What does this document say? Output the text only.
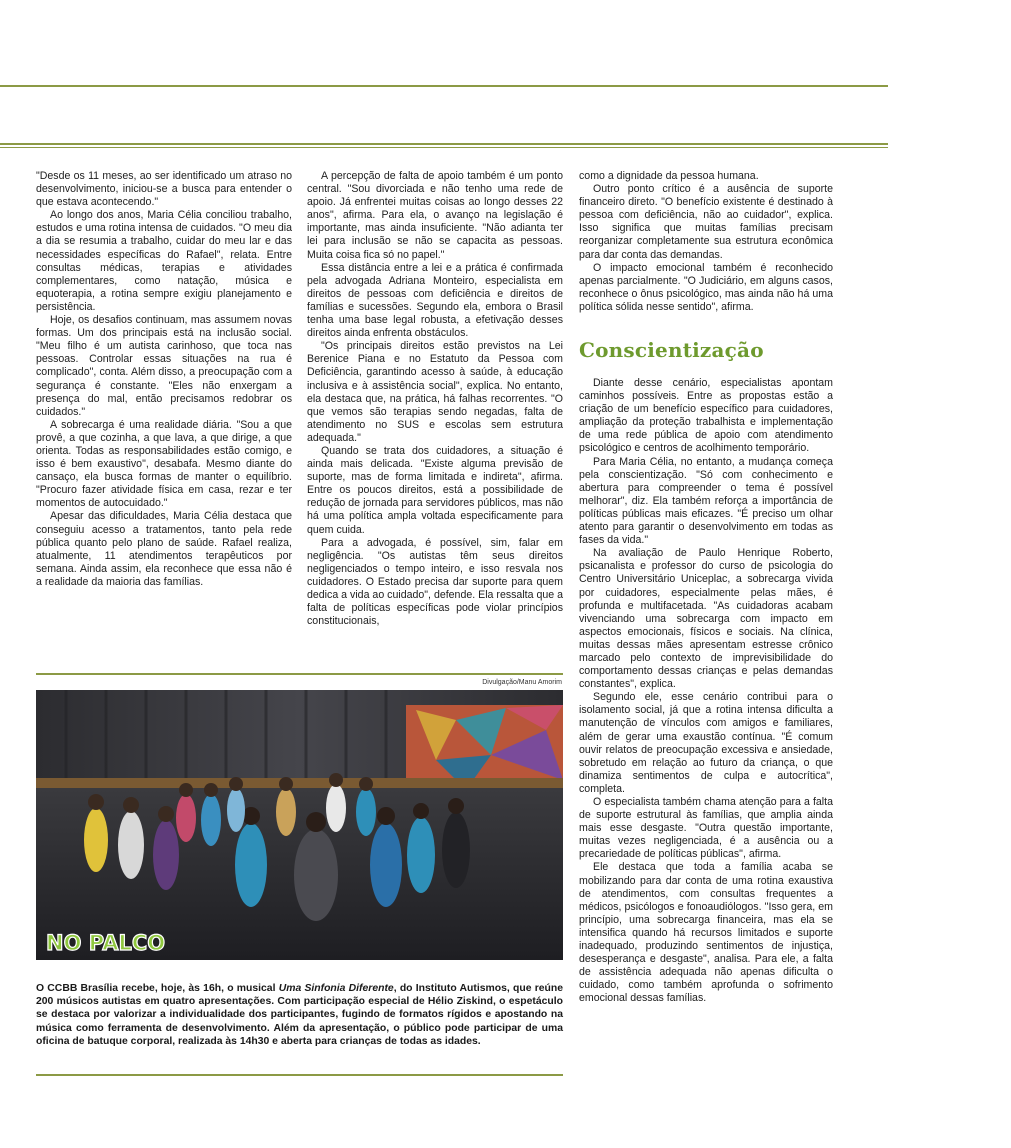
"Desde os 11 meses, ao ser identificado um atraso no desenvolvimento, iniciou-se a busca para entender o que estava acontecendo."

Ao longo dos anos, Maria Célia conciliou trabalho, estudos e uma rotina intensa de cuidados. "O meu dia a dia se resumia a trabalho, cuidar do meu lar e das necessidades específicas do Rafael", relata. Entre consultas médicas, terapias e atividades complementares, como natação, música e equoterapia, a rotina sempre exigiu planejamento e persistência.

Hoje, os desafios continuam, mas assumem novas formas. Um dos principais está na inclusão social. "Meu filho é um autista carinhoso, que toca nas pessoas. Controlar essas situações na rua é complicado", conta. Além disso, a preocupação com a segurança é constante. "Eles não enxergam a presença do mal, então precisamos redobrar os cuidados."

A sobrecarga é uma realidade diária. "Sou a que provê, a que cozinha, a que lava, a que dirige, a que orienta. Todas as responsabilidades estão comigo, e isso é bem exaustivo", desabafa. Mesmo diante do cansaço, ela busca formas de manter o equilíbrio. "Procuro fazer atividade física em casa, rezar e ter momentos de autocuidado."

Apesar das dificuldades, Maria Célia destaca que conseguiu acesso a tratamentos, tanto pela rede pública quanto pelo plano de saúde. Rafael realiza, atualmente, 11 atendimentos terapêuticos por semana. Ainda assim, ela reconhece que essa não é a realidade da maioria das famílias.

A percepção de falta de apoio também é um ponto central. "Sou divorciada e não tenho uma rede de apoio. Já enfrentei muitas coisas ao longo desses 22 anos", afirma. Para ela, o avanço na legislação é importante, mas ainda insuficiente. "Não adianta ter lei para inclusão se não se capacita as pessoas. Muita coisa fica só no papel."

Essa distância entre a lei e a prática é confirmada pela advogada Adriana Monteiro, especialista em direitos de pessoas com deficiência e direitos de famílias e sucessões. Segundo ela, embora o Brasil tenha uma base legal robusta, a efetivação desses direitos ainda enfrenta obstáculos.

"Os principais direitos estão previstos na Lei Berenice Piana e no Estatuto da Pessoa com Deficiência, garantindo acesso à saúde, à educação inclusiva e à assistência social", explica. No entanto, ela destaca que, na prática, há falhas recorrentes. "O que vemos são terapias sendo negadas, falta de atendimento no SUS e escolas sem estrutura adequada."

Quando se trata dos cuidadores, a situação é ainda mais delicada. "Existe alguma previsão de suporte, mas de forma limitada e indireta", afirma. Entre os poucos direitos, está a possibilidade de redução de jornada para servidores públicos, mas não há uma política ampla voltada especificamente para quem cuida.

Para a advogada, é possível, sim, falar em negligência. "Os autistas têm seus direitos negligenciados o tempo inteiro, e isso resvala nos cuidadores. O Estado precisa dar suporte para quem dedica a vida ao cuidado", defende. Ela ressalta que a falta de políticas específicas pode violar princípios constitucionais,

como a dignidade da pessoa humana.

Outro ponto crítico é a ausência de suporte financeiro direto. "O benefício existente é destinado à pessoa com deficiência, não ao cuidador", explica. Isso significa que muitas famílias precisam reorganizar completamente sua estrutura econômica para dar conta das demandas.

O impacto emocional também é reconhecido apenas parcialmente. "O Judiciário, em alguns casos, reconhece o ônus psicológico, mas ainda não há uma política sólida nesse sentido", afirma.

Conscientização

Diante desse cenário, especialistas apontam caminhos possíveis. Entre as propostas estão a criação de um benefício específico para cuidadores, ampliação da proteção trabalhista e implementação de uma rede pública de apoio com atendimento psicológico e centros de acolhimento temporário.

Para Maria Célia, no entanto, a mudança começa pela conscientização. "Só com conhecimento e abertura para compreender o tema é possível melhorar", diz. Ela também reforça a importância de políticas públicas mais eficazes. "É preciso um olhar atento para garantir o desenvolvimento em todas as fases da vida."

Na avaliação de Paulo Henrique Roberto, psicanalista e professor do curso de psicologia do Centro Universitário Uniceplac, a sobrecarga vivida por cuidadores, especialmente pelas mães, é profunda e multifacetada. "As cuidadoras acabam vivenciando uma sobrecarga com impacto em aspectos emocionais, físicos e sociais. Na clínica, muitas dessas mães apresentam estresse crônico marcado pelo contexto de imprevisibilidade do comportamento dessas crianças e pelas demandas constantes", explica.

Segundo ele, esse cenário contribui para o isolamento social, já que a rotina intensa dificulta a manutenção de vínculos com amigos e familiares, além de gerar uma exaustão contínua. "É comum ouvir relatos de preocupação excessiva e ansiedade, sobretudo em relação ao futuro da criança, o que dinamiza sentimentos de culpa e autocrítica", completa.

O especialista também chama atenção para a falta de suporte estrutural às famílias, que amplia ainda mais esse desgaste. "Outra questão importante, muitas vezes negligenciada, é a ausência ou a precariedade de políticas públicas", afirma.

Ele destaca que toda a família acaba se mobilizando para dar conta de uma rotina exaustiva de atendimentos, com consultas frequentes a médicos, psicólogos e fonoaudiólogos. "Isso gera, em princípio, uma sobrecarga financeira, mas ela se intensifica quando há recursos limitados e suporte inadequado, produzindo sentimentos de injustiça, desesperança e desgaste", analisa. Para ele, a falta de assistência adequada não apenas dificulta o cuidado, como também aprofunda o sofrimento emocional dessas famílias.

Divulgação/Manu Amorim
NO PALCO
O CCBB Brasília recebe, hoje, às 16h, o musical Uma Sinfonia Diferente, do Instituto Autismos, que reúne 200 músicos autistas em quatro apresentações. Com participação especial de Hélio Ziskind, o espetáculo se destaca por valorizar a individualidade dos participantes, fugindo de formatos rígidos e apostando na música como ferramenta de desenvolvimento. Além da apresentação, o público pode participar de uma oficina de batuque corporal, realizada às 14h30 e aberta para crianças de todas as idades.
